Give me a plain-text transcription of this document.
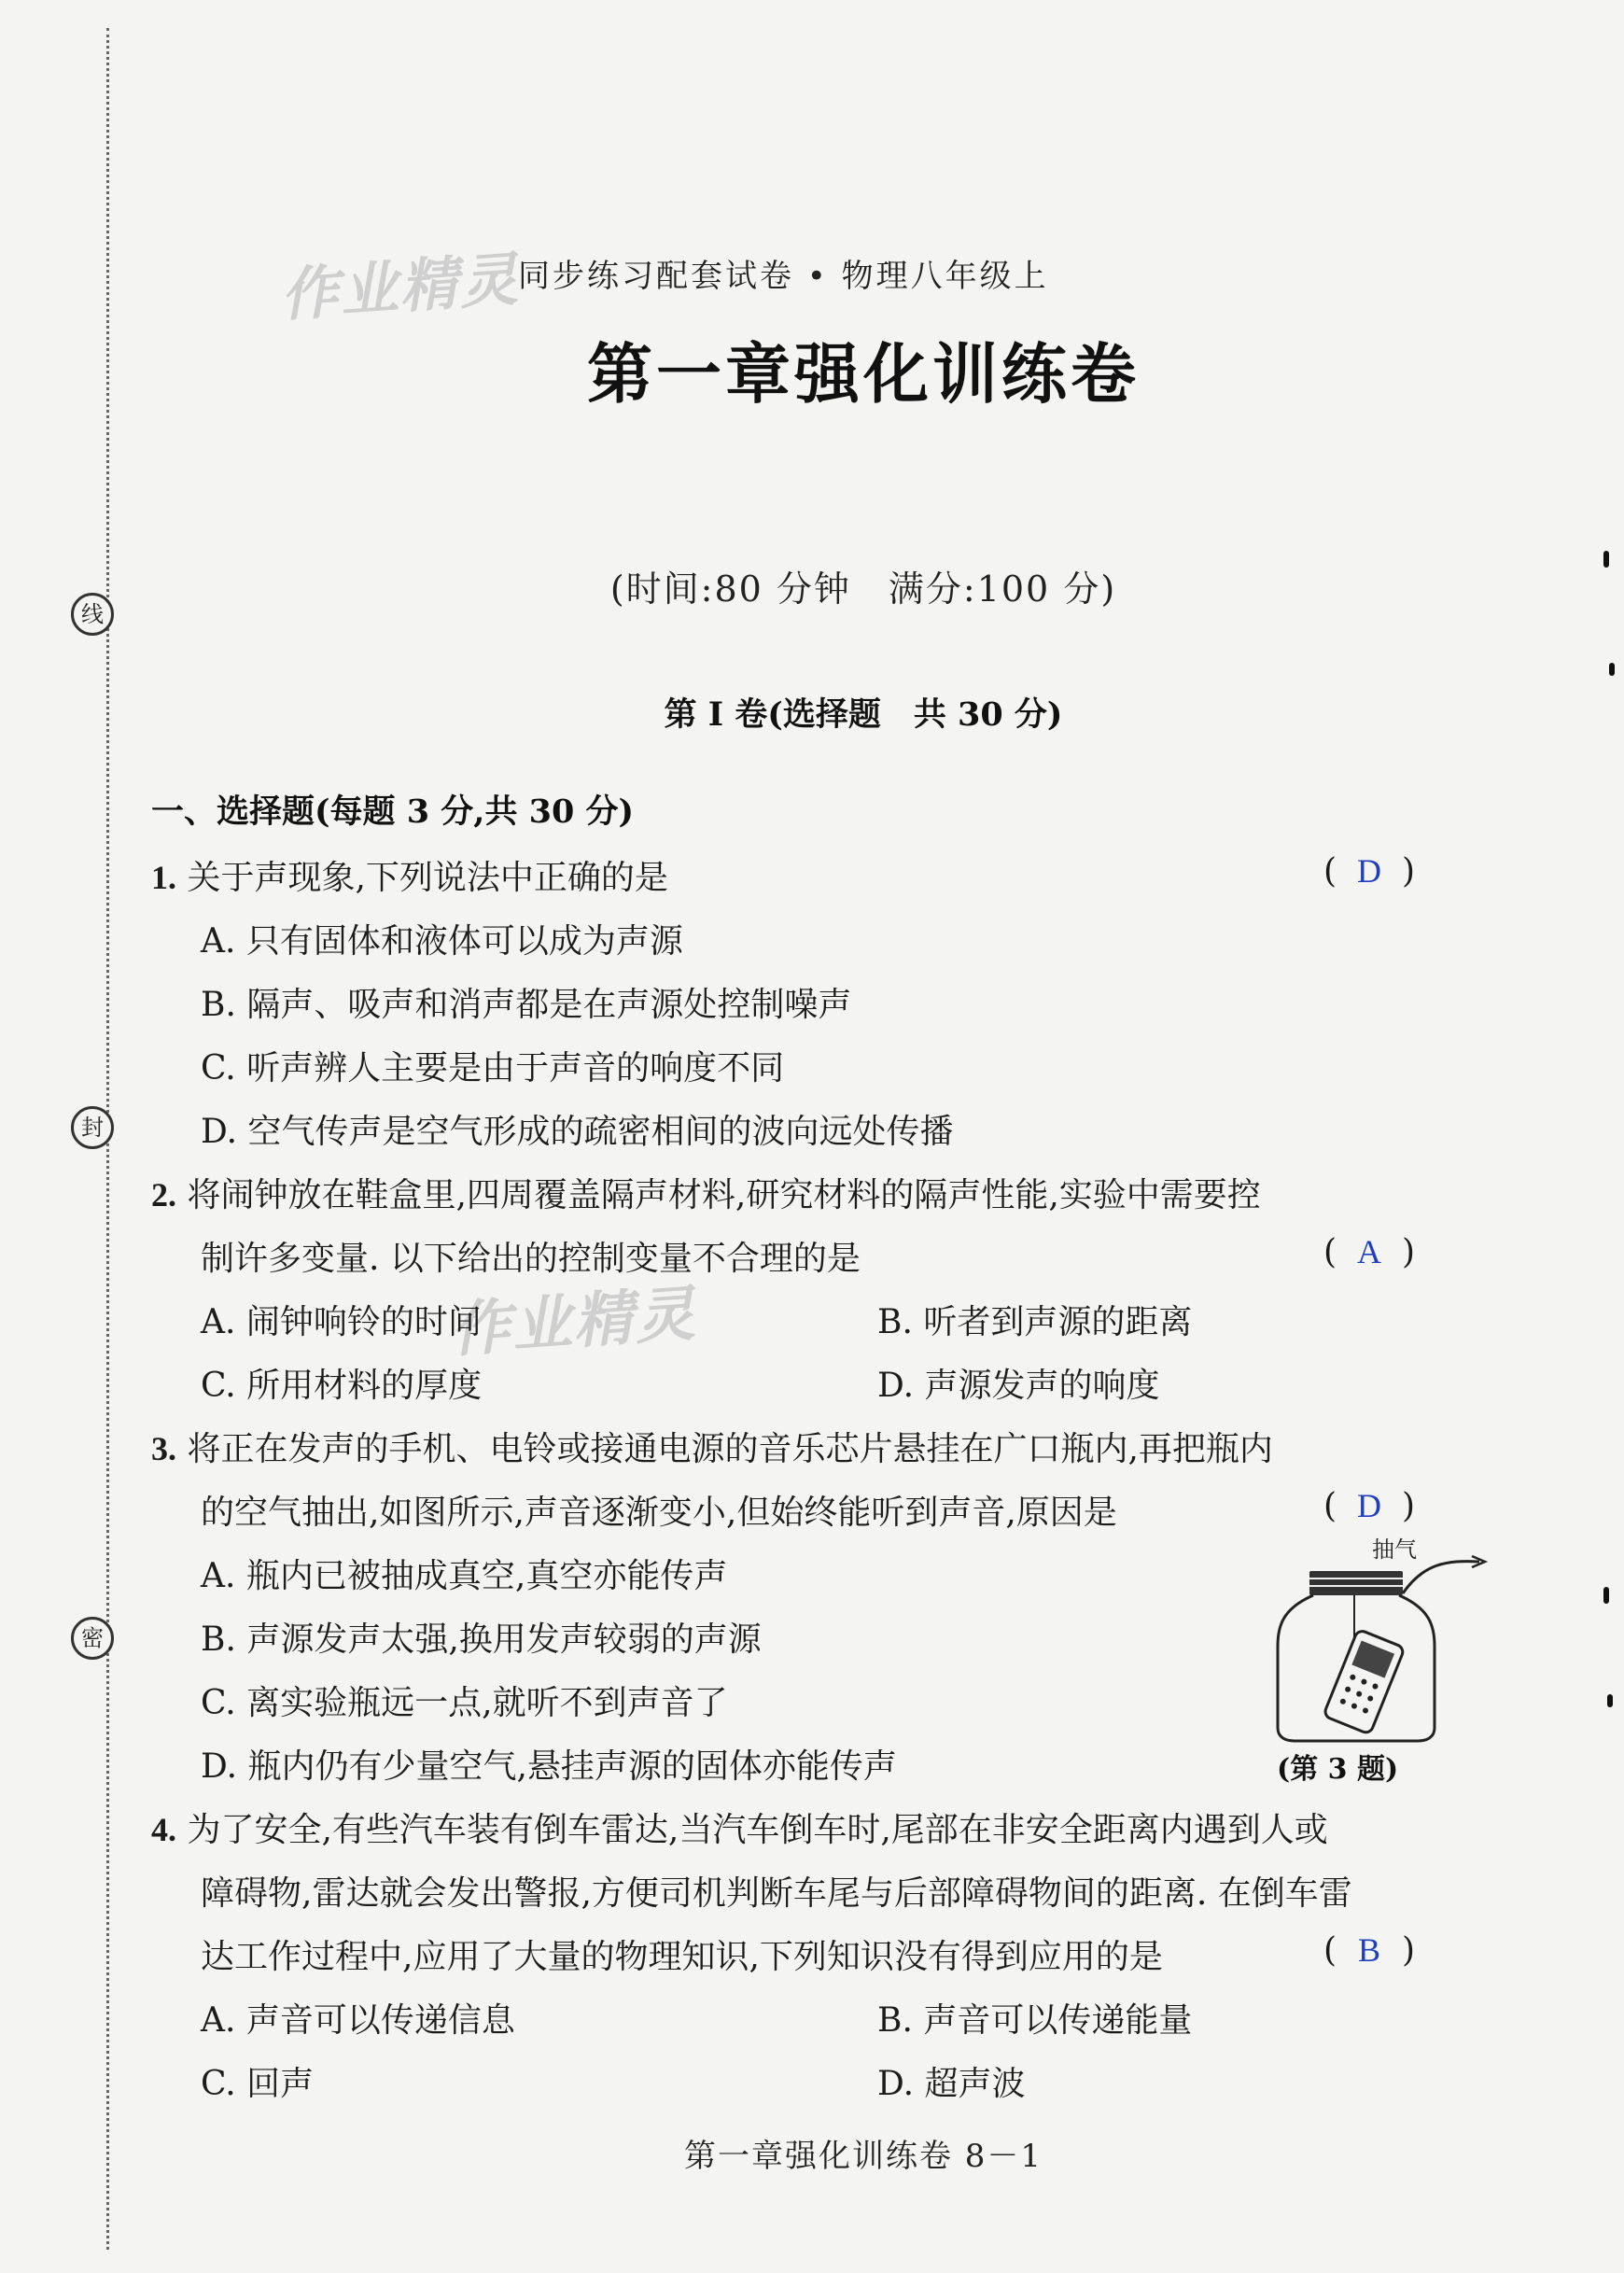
线
封
密
作业精灵
作业精灵
同步练习配套试卷 • 物理八年级上
第一章强化训练卷
(时间:80 分钟　满分:100 分)
第 Ⅰ 卷(选择题　共 30 分)
一、选择题(每题 3 分,共 30 分)
1. 关于声现象,下列说法中正确的是	( D )
A. 只有固体和液体可以成为声源
B. 隔声、吸声和消声都是在声源处控制噪声
C. 听声辨人主要是由于声音的响度不同
D. 空气传声是空气形成的疏密相间的波向远处传播
2. 将闹钟放在鞋盒里,四周覆盖隔声材料,研究材料的隔声性能,实验中需要控
制许多变量. 以下给出的控制变量不合理的是	( A )
A. 闹钟响铃的时间	B. 听者到声源的距离
C. 所用材料的厚度	D. 声源发声的响度
3. 将正在发声的手机、电铃或接通电源的音乐芯片悬挂在广口瓶内,再把瓶内
的空气抽出,如图所示,声音逐渐变小,但始终能听到声音,原因是	( D )
A. 瓶内已被抽成真空,真空亦能传声
B. 声源发声太强,换用发声较弱的声源
C. 离实验瓶远一点,就听不到声音了
D. 瓶内仍有少量空气,悬挂声源的固体亦能传声
抽气
(第 3 题)
4. 为了安全,有些汽车装有倒车雷达,当汽车倒车时,尾部在非安全距离内遇到人或
障碍物,雷达就会发出警报,方便司机判断车尾与后部障碍物间的距离. 在倒车雷
达工作过程中,应用了大量的物理知识,下列知识没有得到应用的是	( B )
A. 声音可以传递信息	B. 声音可以传递能量
C. 回声	D. 超声波
第一章强化训练卷 8－1
